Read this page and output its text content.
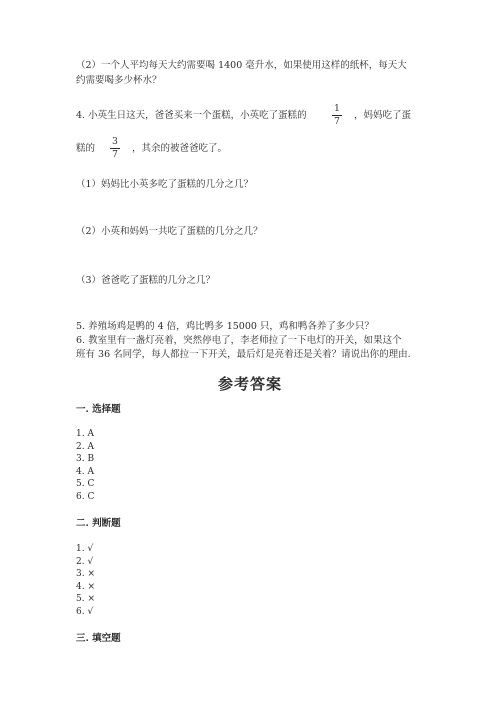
（2）一个人平均每天大约需要喝 1400 毫升水，如果使用这样的纸杯，每天大
约需要喝多少杯水？
4. 小英生日这天，爸爸买来一个蛋糕，小英吃了蛋糕的
1
7
，妈妈吃了蛋
糕的
3
7
，其余的被爸爸吃了。
（1）妈妈比小英多吃了蛋糕的几分之几？
（2）小英和妈妈一共吃了蛋糕的几分之几？
（3）爸爸吃了蛋糕的几分之几？
5. 养殖场鸡是鸭的 4 倍，鸡比鸭多 15000 只，鸡和鸭各养了多少只？
6. 教室里有一盏灯亮着，突然停电了，李老师拉了一下电灯的开关，如果这个
班有 36 名同学，每人都拉一下开关，最后灯是亮着还是关着？请说出你的理由.
参考答案
一. 选择题
1. A
2. A
3. B
4. A
5. C
6. C
二. 判断题
1. √
2. √
3. ×
4. ×
5. ×
6. √
三. 填空题
